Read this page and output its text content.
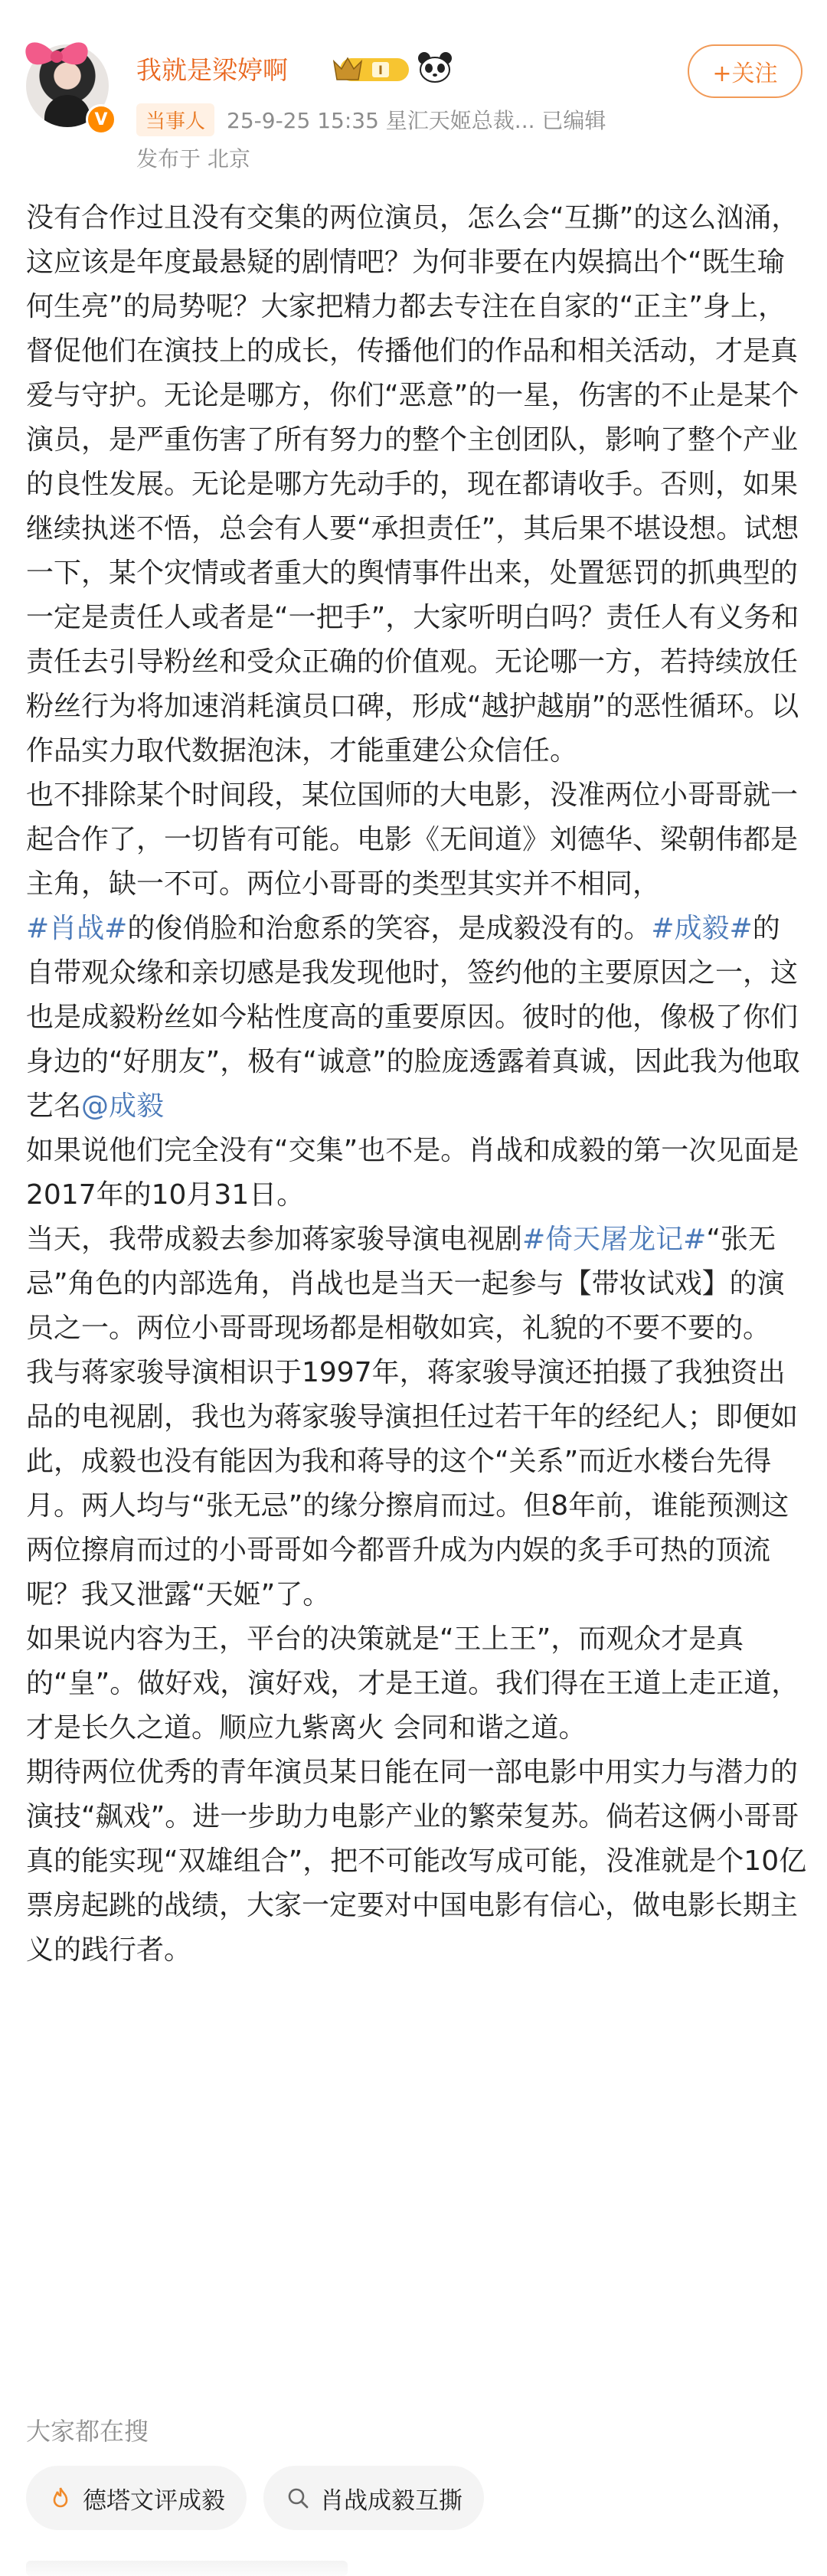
V
我就是梁婷啊	I	+关注
当事人	25-9-25 15:35 星汇天姬总裁... 已编辑
发布于 北京

没有合作过且没有交集的两位演员，怎么会“互撕”的这么汹涌，这应该是年度最悬疑的剧情吧？为何非要在内娱搞出个“既生瑜何生亮”的局势呢？大家把精力都去专注在自家的“正主”身上，督促他们在演技上的成长，传播他们的作品和相关活动，才是真爱与守护。无论是哪方，你们“恶意”的一星，伤害的不止是某个演员，是严重伤害了所有努力的整个主创团队，影响了整个产业的良性发展。无论是哪方先动手的，现在都请收手。否则，如果继续执迷不悟，总会有人要“承担责任”，其后果不堪设想。试想一下，某个灾情或者重大的舆情事件出来，处置惩罚的抓典型的一定是责任人或者是“一把手”，大家听明白吗？责任人有义务和责任去引导粉丝和受众正确的价值观。无论哪一方，若持续放任粉丝行为将加速消耗演员口碑，形成“越护越崩”的恶性循环。以作品实力取代数据泡沫，才能重建公众信任。

也不排除某个时间段，某位国师的大电影，没准两位小哥哥就一起合作了，一切皆有可能。电影《无间道》刘德华、梁朝伟都是主角，缺一不可。两位小哥哥的类型其实并不相同，

#肖战#的俊俏脸和治愈系的笑容，是成毅没有的。#成毅#的自带观众缘和亲切感是我发现他时，签约他的主要原因之一，这也是成毅粉丝如今粘性度高的重要原因。彼时的他，像极了你们身边的“好朋友”，极有“诚意”的脸庞透露着真诚，因此我为他取艺名@成毅

如果说他们完全没有“交集”也不是。肖战和成毅的第一次见面是2017年的10月31日。

当天，我带成毅去参加蒋家骏导演电视剧#倚天屠龙记#“张无忌”角色的内部选角，肖战也是当天一起参与【带妆试戏】的演员之一。两位小哥哥现场都是相敬如宾，礼貌的不要不要的。

我与蒋家骏导演相识于1997年，蒋家骏导演还拍摄了我独资出品的电视剧，我也为蒋家骏导演担任过若干年的经纪人；即便如此，成毅也没有能因为我和蒋导的这个“关系”而近水楼台先得月。两人均与“张无忌”的缘分擦肩而过。但8年前，谁能预测这两位擦肩而过的小哥哥如今都晋升成为内娱的炙手可热的顶流呢？我又泄露“天姬”了。

如果说内容为王，平台的决策就是“王上王”，而观众才是真的“皇”。做好戏，演好戏，才是王道。我们得在王道上走正道，才是长久之道。顺应九紫离火 会同和谐之道。

期待两位优秀的青年演员某日能在同一部电影中用实力与潜力的演技“飙戏”。进一步助力电影产业的繁荣复苏。倘若这俩小哥哥真的能实现“双雄组合”，把不可能改写成可能，没准就是个10亿票房起跳的战绩，大家一定要对中国电影有信心，做电影长期主义的践行者。

大家都在搜
德塔文评成毅	肖战成毅互撕
